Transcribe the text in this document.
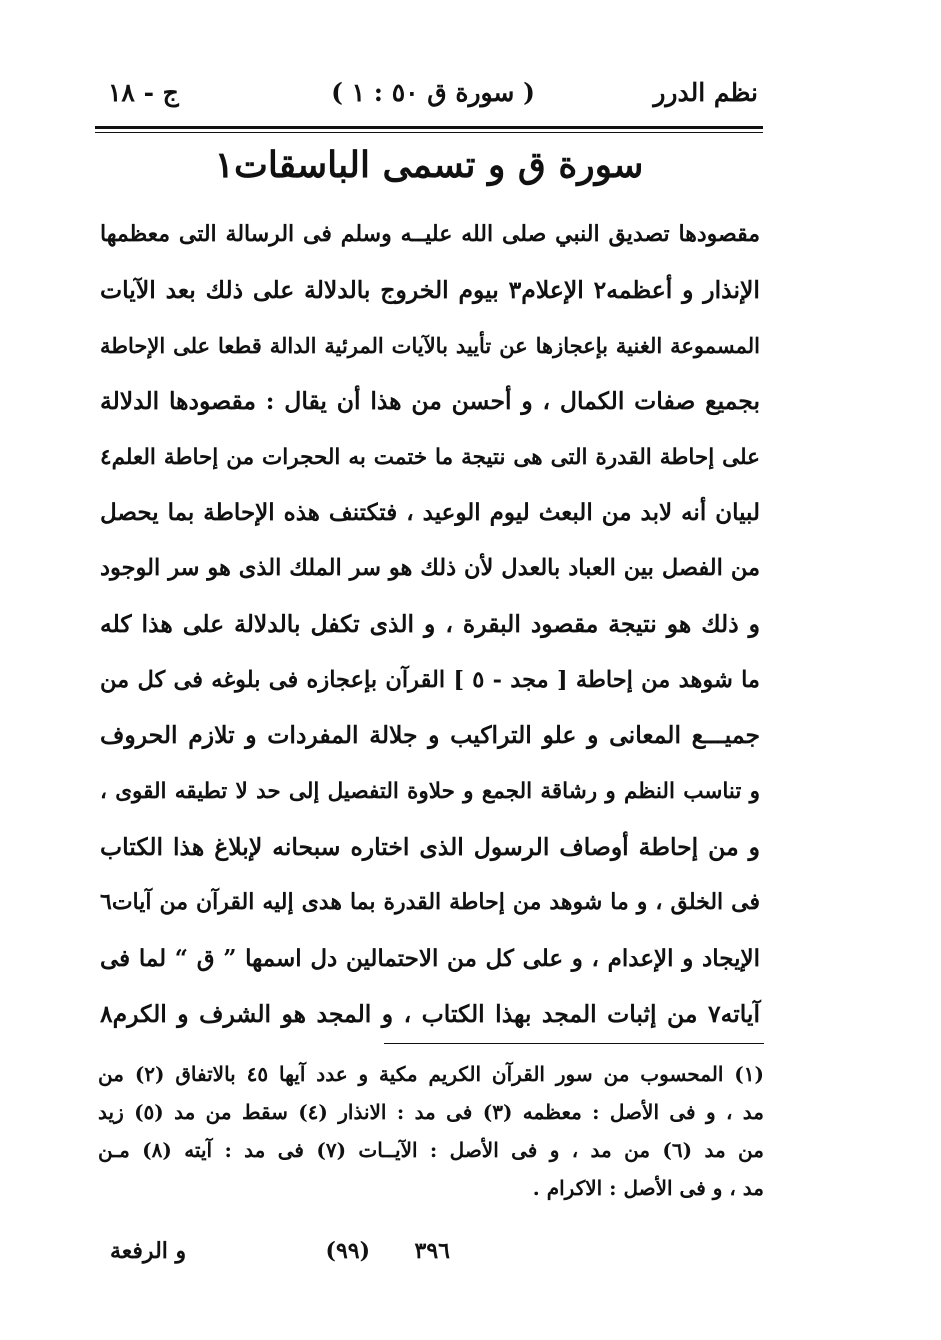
نظم الدرر
( سورة ق ٥٠ : ١ )
ج - ١٨
سورة ق و تسمى الباسقات١
مقصودها تصديق النبي صلى الله عليــه وسلم فى الرسالة التى معظمها
الإنذار و أعظمه٢ الإعلام٣ بيوم الخروج بالدلالة على ذلك بعد الآيات
المسموعة الغنية بإعجازها عن تأييد بالآيات المرئية الدالة قطعا على الإحاطة
بجميع صفات الكمال ، و أحسن من هذا أن يقال : مقصودها الدلالة
على إحاطة القدرة التى هى نتيجة ما ختمت به الحجرات من إحاطة العلم٤
لبيان أنه لابد من البعث ليوم الوعيد ، فتكتنف هذه الإحاطة بما يحصل
من الفصل بين العباد بالعدل لأن ذلك هو سر الملك الذى هو سر الوجود
و ذلك هو نتيجة مقصود البقرة ، و الذى تكفل بالدلالة على هذا كله
ما شوهد من إحاطة [ مجد - ٥ ] القرآن بإعجازه فى بلوغه فى كل من
جميـــع المعانى و علو التراكيب و جلالة المفردات و تلازم الحروف
و تناسب النظم و رشاقة الجمع و حلاوة التفصيل إلى حد لا تطيقه القوى ،
و من إحاطة أوصاف الرسول الذى اختاره سبحانه لإبلاغ هذا الكتاب
فى الخلق ، و ما شوهد من إحاطة القدرة بما هدى إليه القرآن من آيات٦
الإيجاد و الإعدام ، و على كل من الاحتمالين دل اسمها ” ق “ لما فى
آياته٧ من إثبات المجد بهذا الكتاب ، و المجد هو الشرف و الكرم٨
(١) المحسوب من سور القرآن الكريم مكية و عدد آيها ٤٥ بالاتفاق (٢) من
مد ، و فى الأصل : معظمه (٣) فى مد : الانذار (٤) سقط من مد (٥) زيد
من مد (٦) من مد ، و فى الأصل : الآيــات (٧) فى مد : آيته (٨) مـن
مد ، و فى الأصل : الاكرام .
٣٩٦
(٩٩)
و الرفعة
